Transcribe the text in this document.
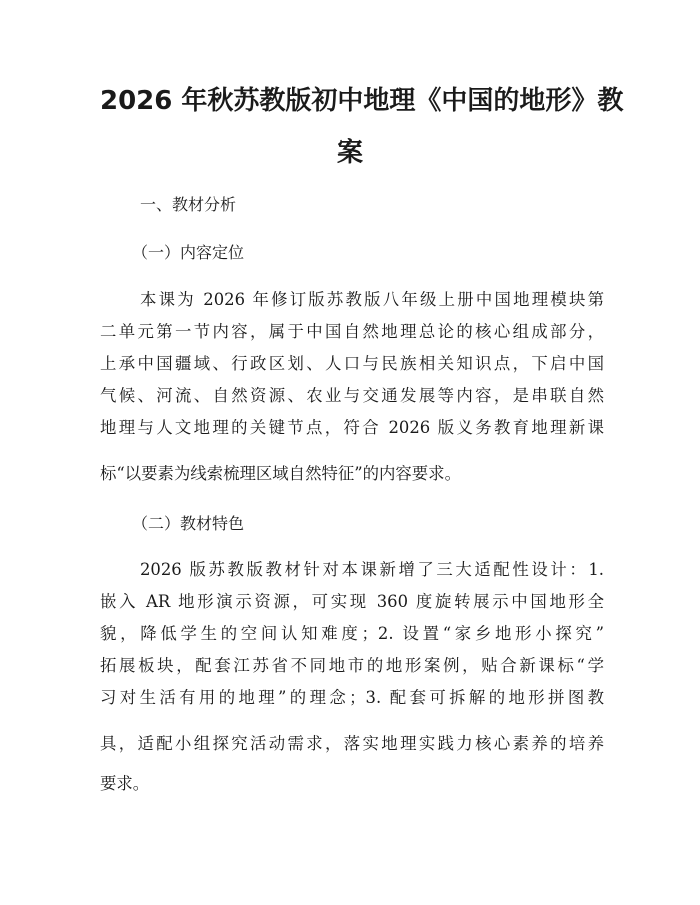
2026 年秋苏教版初中地理《中国的地形》教
案
一、教材分析
（一）内容定位
本课为 2026 年修订版苏教版八年级上册中国地理模块第
二单元第一节内容，属于中国自然地理总论的核心组成部分，
上承中国疆域、行政区划、人口与民族相关知识点，下启中国
气候、河流、自然资源、农业与交通发展等内容，是串联自然
地理与人文地理的关键节点，符合 2026 版义务教育地理新课
标“以要素为线索梳理区域自然特征”的内容要求。
（二）教材特色
2026 版苏教版教材针对本课新增了三大适配性设计：1.
嵌入 AR 地形演示资源，可实现 360 度旋转展示中国地形全
貌，降低学生的空间认知难度；2. 设置“家乡地形小探究”
拓展板块，配套江苏省不同地市的地形案例，贴合新课标“学
习对生活有用的地理”的理念；3. 配套可拆解的地形拼图教
具，适配小组探究活动需求，落实地理实践力核心素养的培养
要求。
